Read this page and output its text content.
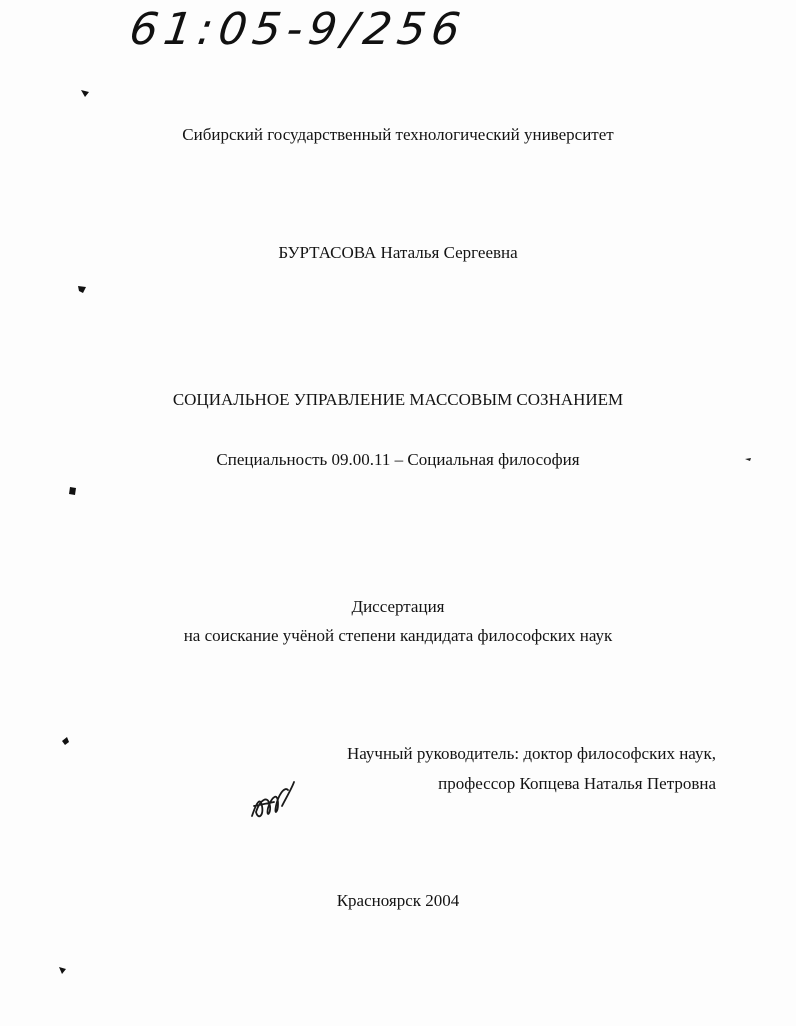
61:05-9/256
Сибирский государственный технологический университет
БУРТАСОВА Наталья Сергеевна
СОЦИАЛЬНОЕ УПРАВЛЕНИЕ МАССОВЫМ СОЗНАНИЕМ
Специальность 09.00.11 – Социальная философия
Диссертация
на соискание учёной степени кандидата философских наук
Научный руководитель: доктор философских наук,
профессор Копцева Наталья Петровна
Красноярск 2004
